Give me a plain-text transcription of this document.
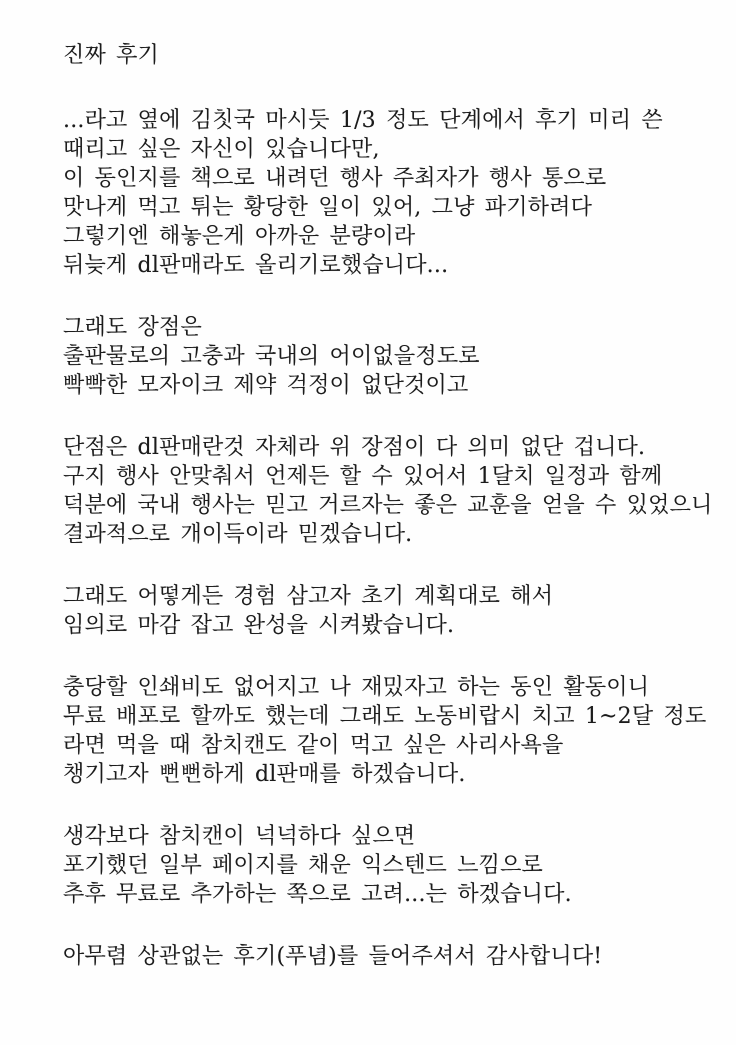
진짜 후기
...라고 옆에 김칫국 마시듯 1/3 정도 단계에서 후기 미리 쓴
때리고 싶은 자신이 있습니다만,
이 동인지를 책으로 내려던 행사 주최자가 행사 통으로
맛나게 먹고 튀는 황당한 일이 있어, 그냥 파기하려다
그렇기엔 해놓은게 아까운 분량이라
뒤늦게 dl판매라도 올리기로했습니다...
그래도 장점은
출판물로의 고충과 국내의 어이없을정도로
빡빡한 모자이크 제약 걱정이 없단것이고
단점은 dl판매란것 자체라 위 장점이 다 의미 없단 겁니다.
구지 행사 안맞춰서 언제든 할 수 있어서 1달치 일정과 함께
덕분에 국내 행사는 믿고 거르자는 좋은 교훈을 얻을 수 있었으니
결과적으로 개이득이라 믿겠습니다.
그래도 어떻게든 경험 삼고자 초기 계획대로 해서
임의로 마감 잡고 완성을 시켜봤습니다.
충당할 인쇄비도 없어지고 나 재밌자고 하는 동인 활동이니
무료 배포로 할까도 했는데 그래도 노동비랍시 치고 1~2달 정도
라면 먹을 때 참치캔도 같이 먹고 싶은 사리사욕을
챙기고자 뻔뻔하게 dl판매를 하겠습니다.
생각보다 참치캔이 넉넉하다 싶으면
포기했던 일부 페이지를 채운 익스텐드 느낌으로
추후 무료로 추가하는 쪽으로 고려...는 하겠습니다.
아무렴 상관없는 후기(푸념)를 들어주셔서 감사합니다!
